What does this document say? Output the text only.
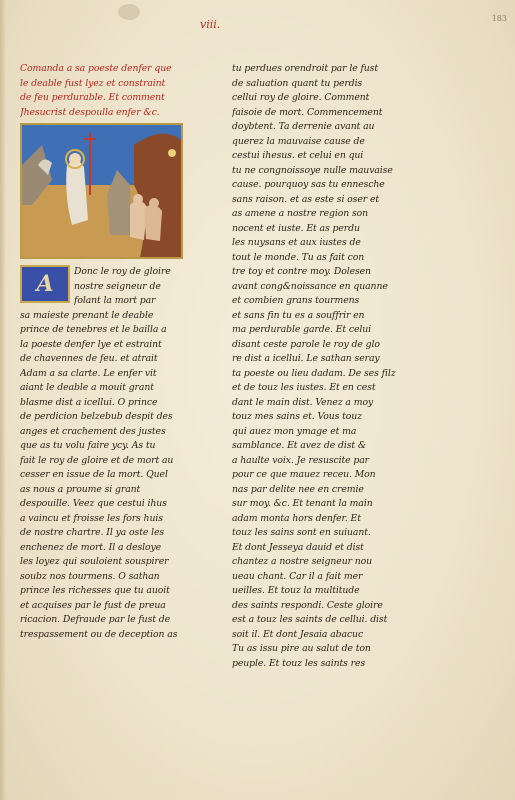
183
viii.
Comanda a sa poeste denfer que
le deable fust lyez et constraint
de feu perdurable. Et comment
Jhesucrist despoulla enfer &c.
A	Donc le roy de gloire
nostre seigneur de
folant la mort par
sa maieste prenant le deable
prince de tenebres et le bailla a
la poeste denfer lye et estraint
de chavennes de feu. et atrait
Adam a sa clarte. Le enfer vit
aiant le deable a mouit grant
blasme dist a icellui. O prince
de perdicion belzebub despit des
anges et crachement des justes
que as tu volu faire ycy. As tu
fait le roy de gloire et de mort au
cesser en issue de la mort. Quel
as nous a proume si grant
despouille. Veez que cestui ihus
a vaincu et froisse les fors huis
de nostre chartre. Il ya oste les
enchenez de mort. Il a desloye
les loyez qui souloient souspirer
soubz nos tourmens. O sathan
prince les richesses que tu auoit
et acquises par le fust de preua
ricacion. Defraude par le fust de
trespassement ou de deception as
tu perdues orendroit par le fust
de saluation quant tu perdis
cellui roy de gloire. Comment
faisoie de mort. Commencement
doybtent. Ta derrenie avant au
querez la mauvaise cause de
cestui ihesus. et celui en qui
tu ne congnoissoye nulle mauvaise
cause. pourquoy sas tu ennesche
sans raison. et as este si oser et
as amene a nostre region son
nocent et iuste. Et as perdu
les nuysans et aux iustes de
tout le monde. Tu as fait con
tre toy et contre moy. Dolesen
avant cong&noissance en quanne
et combien grans tourmens
et sans fin tu es a souffrir en
ma perdurable garde. Et celui
disant ceste parole le roy de glo
re dist a icellui. Le sathan seray
ta poeste ou lieu dadam. De ses filz
et de touz les iustes. Et en cest
dant le main dist. Venez a moy
touz mes sains et. Vous touz
qui auez mon ymage et ma
samblance. Et avez de dist &
a haulte voix. Je resuscite par
pour ce que mauez receu. Mon
nas par delite nee en cremie
sur moy. &c. Et tenant la main
adam monta hors denfer. Et
touz les sains sont en suiuant.
Et dont Jesseya dauid et dist
chantez a nostre seigneur nou
ueau chant. Car il a fait mer
ueilles. Et touz la multitude
des saints respondi. Ceste gloire
est a touz les saints de cellui. dist
soit il. Et dont Jesaia abacuc
Tu as issu pire au salut de ton
peuple. Et touz les saints res
